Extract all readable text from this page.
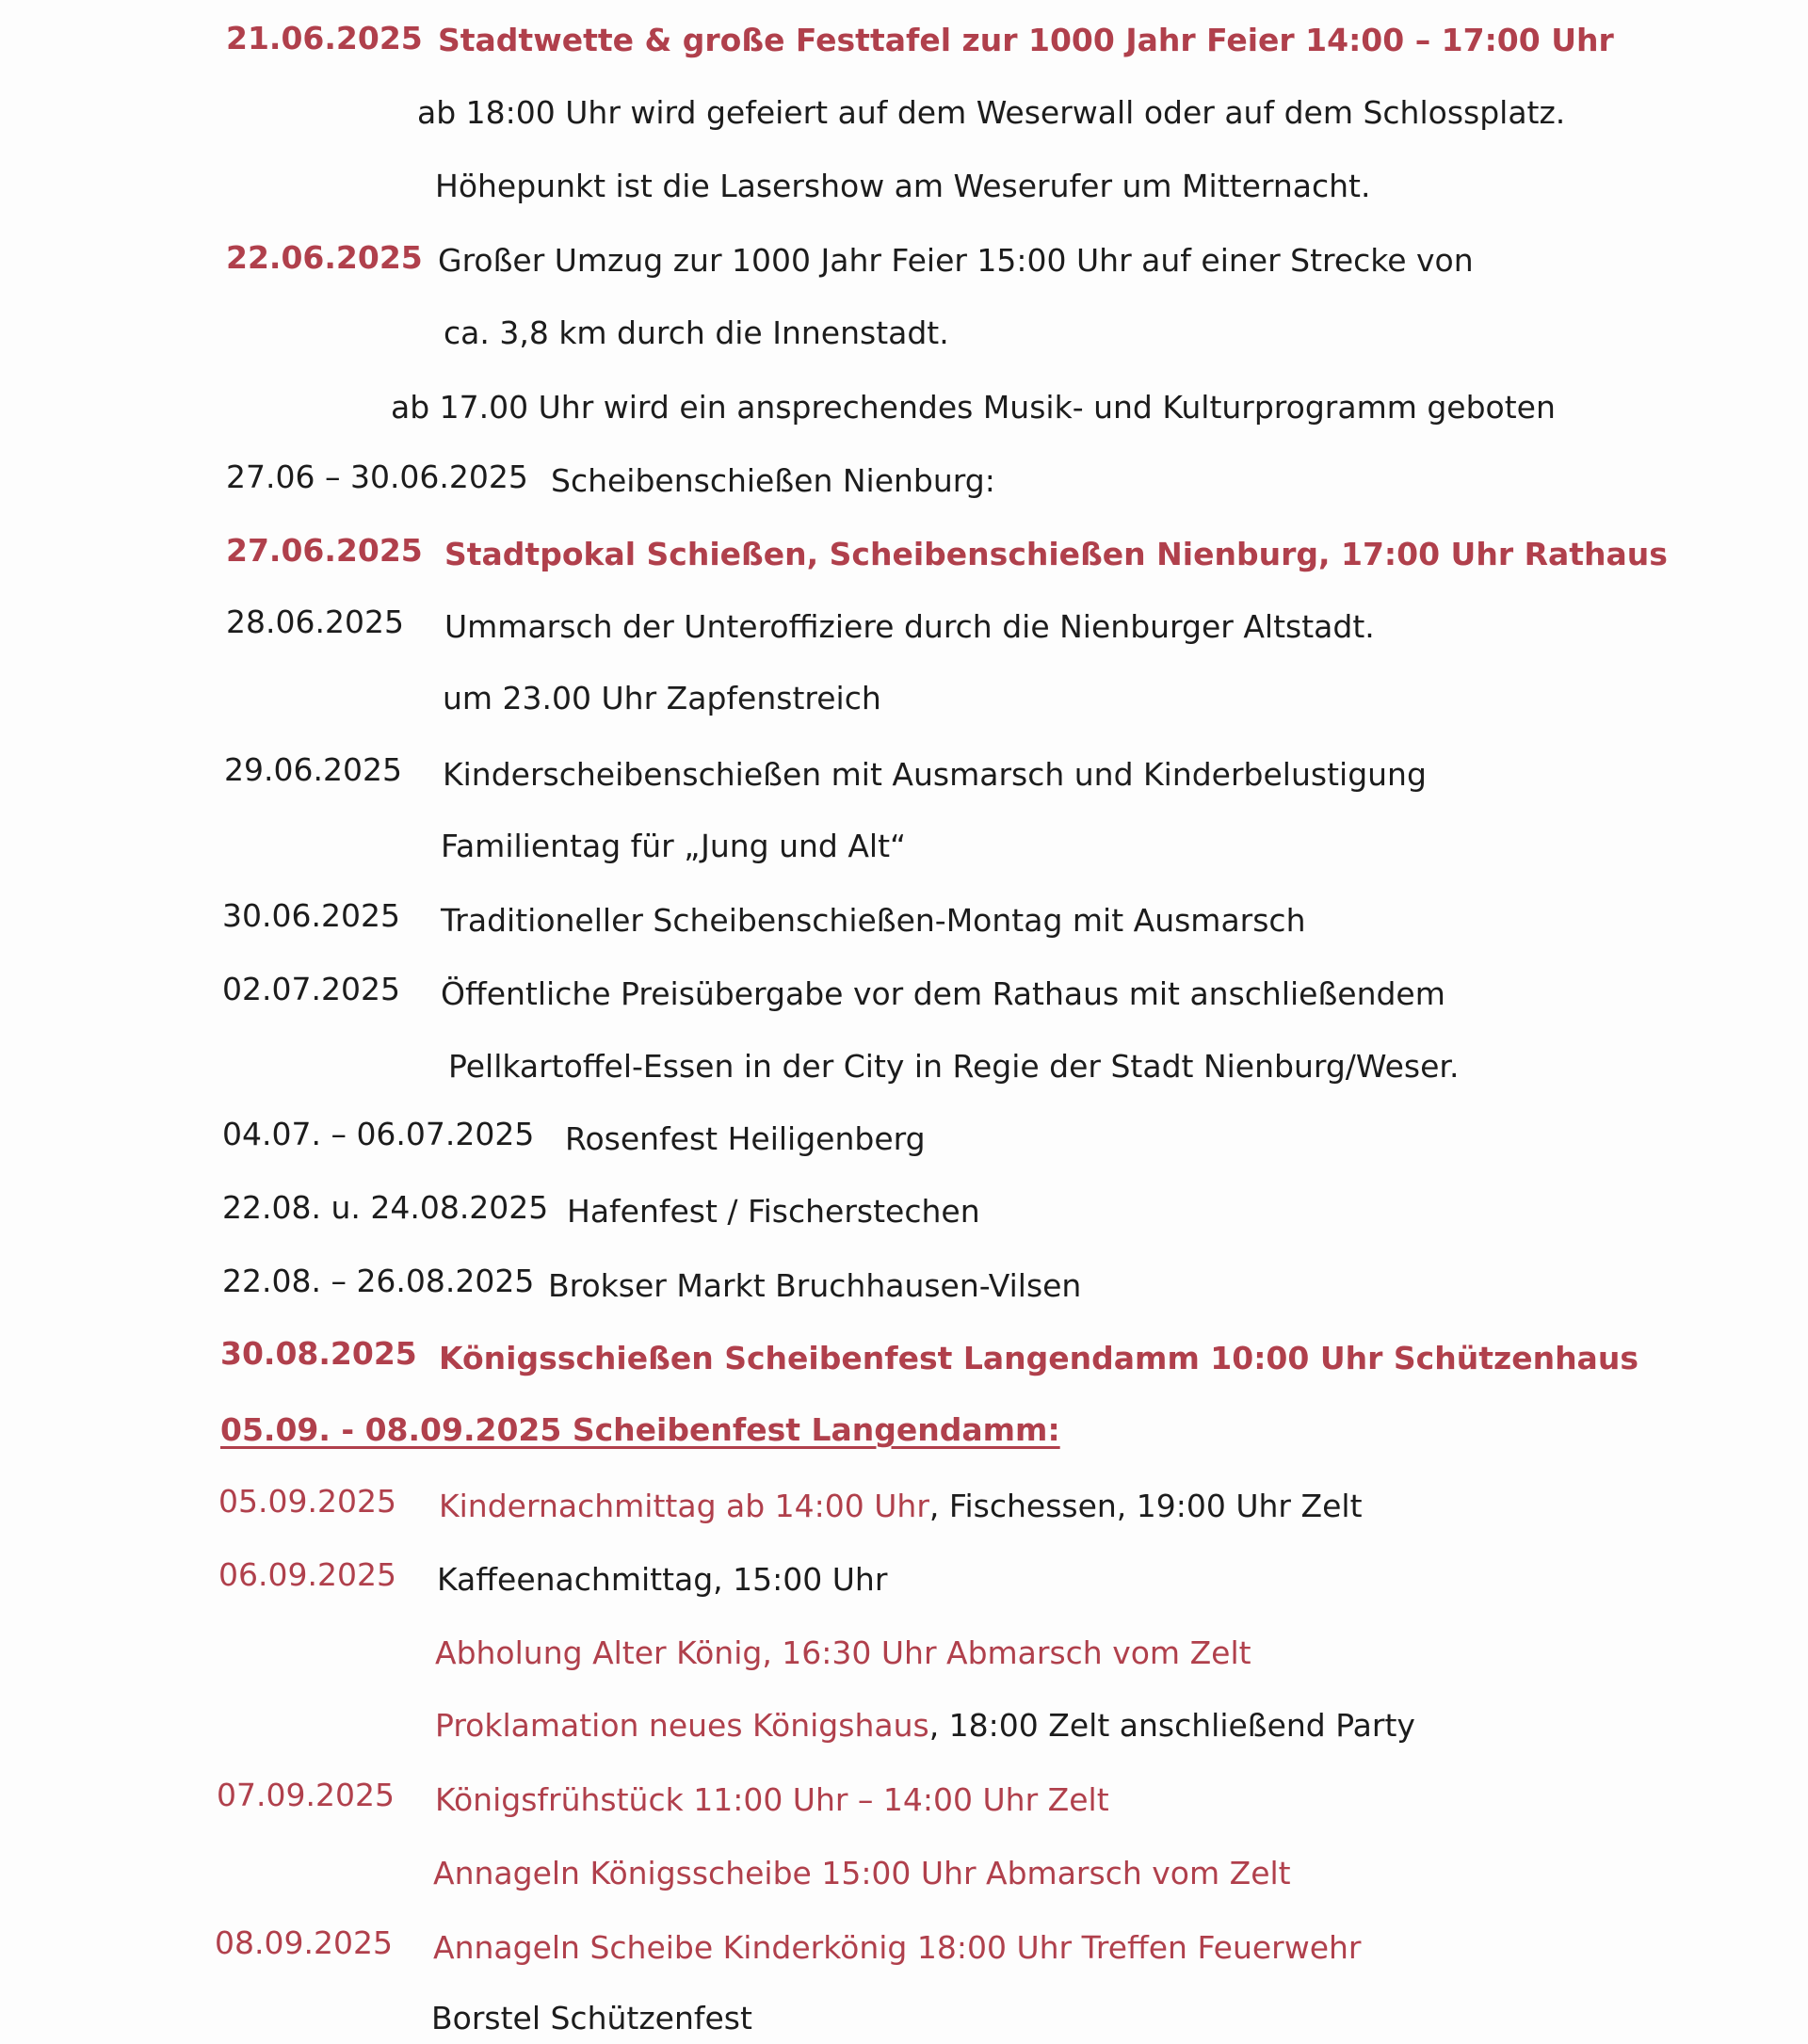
21.06.2025 Stadtwette & große Festtafel zur 1000 Jahr Feier 14:00 – 17:00 Uhr
ab 18:00 Uhr wird gefeiert auf dem Weserwall oder auf dem Schlossplatz.
Höhepunkt ist die Lasershow am Weserufer um Mitternacht.
22.06.2025 Großer Umzug zur 1000 Jahr Feier 15:00 Uhr auf einer Strecke von
ca. 3,8 km durch die Innenstadt.
ab 17.00 Uhr wird ein ansprechendes Musik- und Kulturprogramm geboten
27.06 – 30.06.2025 Scheibenschießen Nienburg:
27.06.2025 Stadtpokal Schießen, Scheibenschießen Nienburg, 17:00 Uhr Rathaus
28.06.2025 Ummarsch der Unteroffiziere durch die Nienburger Altstadt.
um 23.00 Uhr Zapfenstreich
29.06.2025 Kinderscheibenschießen mit Ausmarsch und Kinderbelustigung
Familientag für „Jung und Alt“
30.06.2025 Traditioneller Scheibenschießen-Montag mit Ausmarsch
02.07.2025 Öffentliche Preisübergabe vor dem Rathaus mit anschließendem
Pellkartoffel-Essen in der City in Regie der Stadt Nienburg/Weser.
04.07. – 06.07.2025 Rosenfest Heiligenberg
22.08. u. 24.08.2025 Hafenfest / Fischerstechen
22.08. – 26.08.2025 Brokser Markt Bruchhausen-Vilsen
30.08.2025 Königsschießen Scheibenfest Langendamm 10:00 Uhr Schützenhaus
05.09. - 08.09.2025 Scheibenfest Langendamm:
05.09.2025 Kindernachmittag ab 14:00 Uhr, Fischessen, 19:00 Uhr Zelt
06.09.2025 Kaffeenachmittag, 15:00 Uhr
Abholung Alter König, 16:30 Uhr Abmarsch vom Zelt
Proklamation neues Königshaus, 18:00 Zelt anschließend Party
07.09.2025 Königsfrühstück 11:00 Uhr – 14:00 Uhr Zelt
Annageln Königsscheibe 15:00 Uhr Abmarsch vom Zelt
08.09.2025 Annageln Scheibe Kinderkönig 18:00 Uhr Treffen Feuerwehr
Borstel Schützenfest
